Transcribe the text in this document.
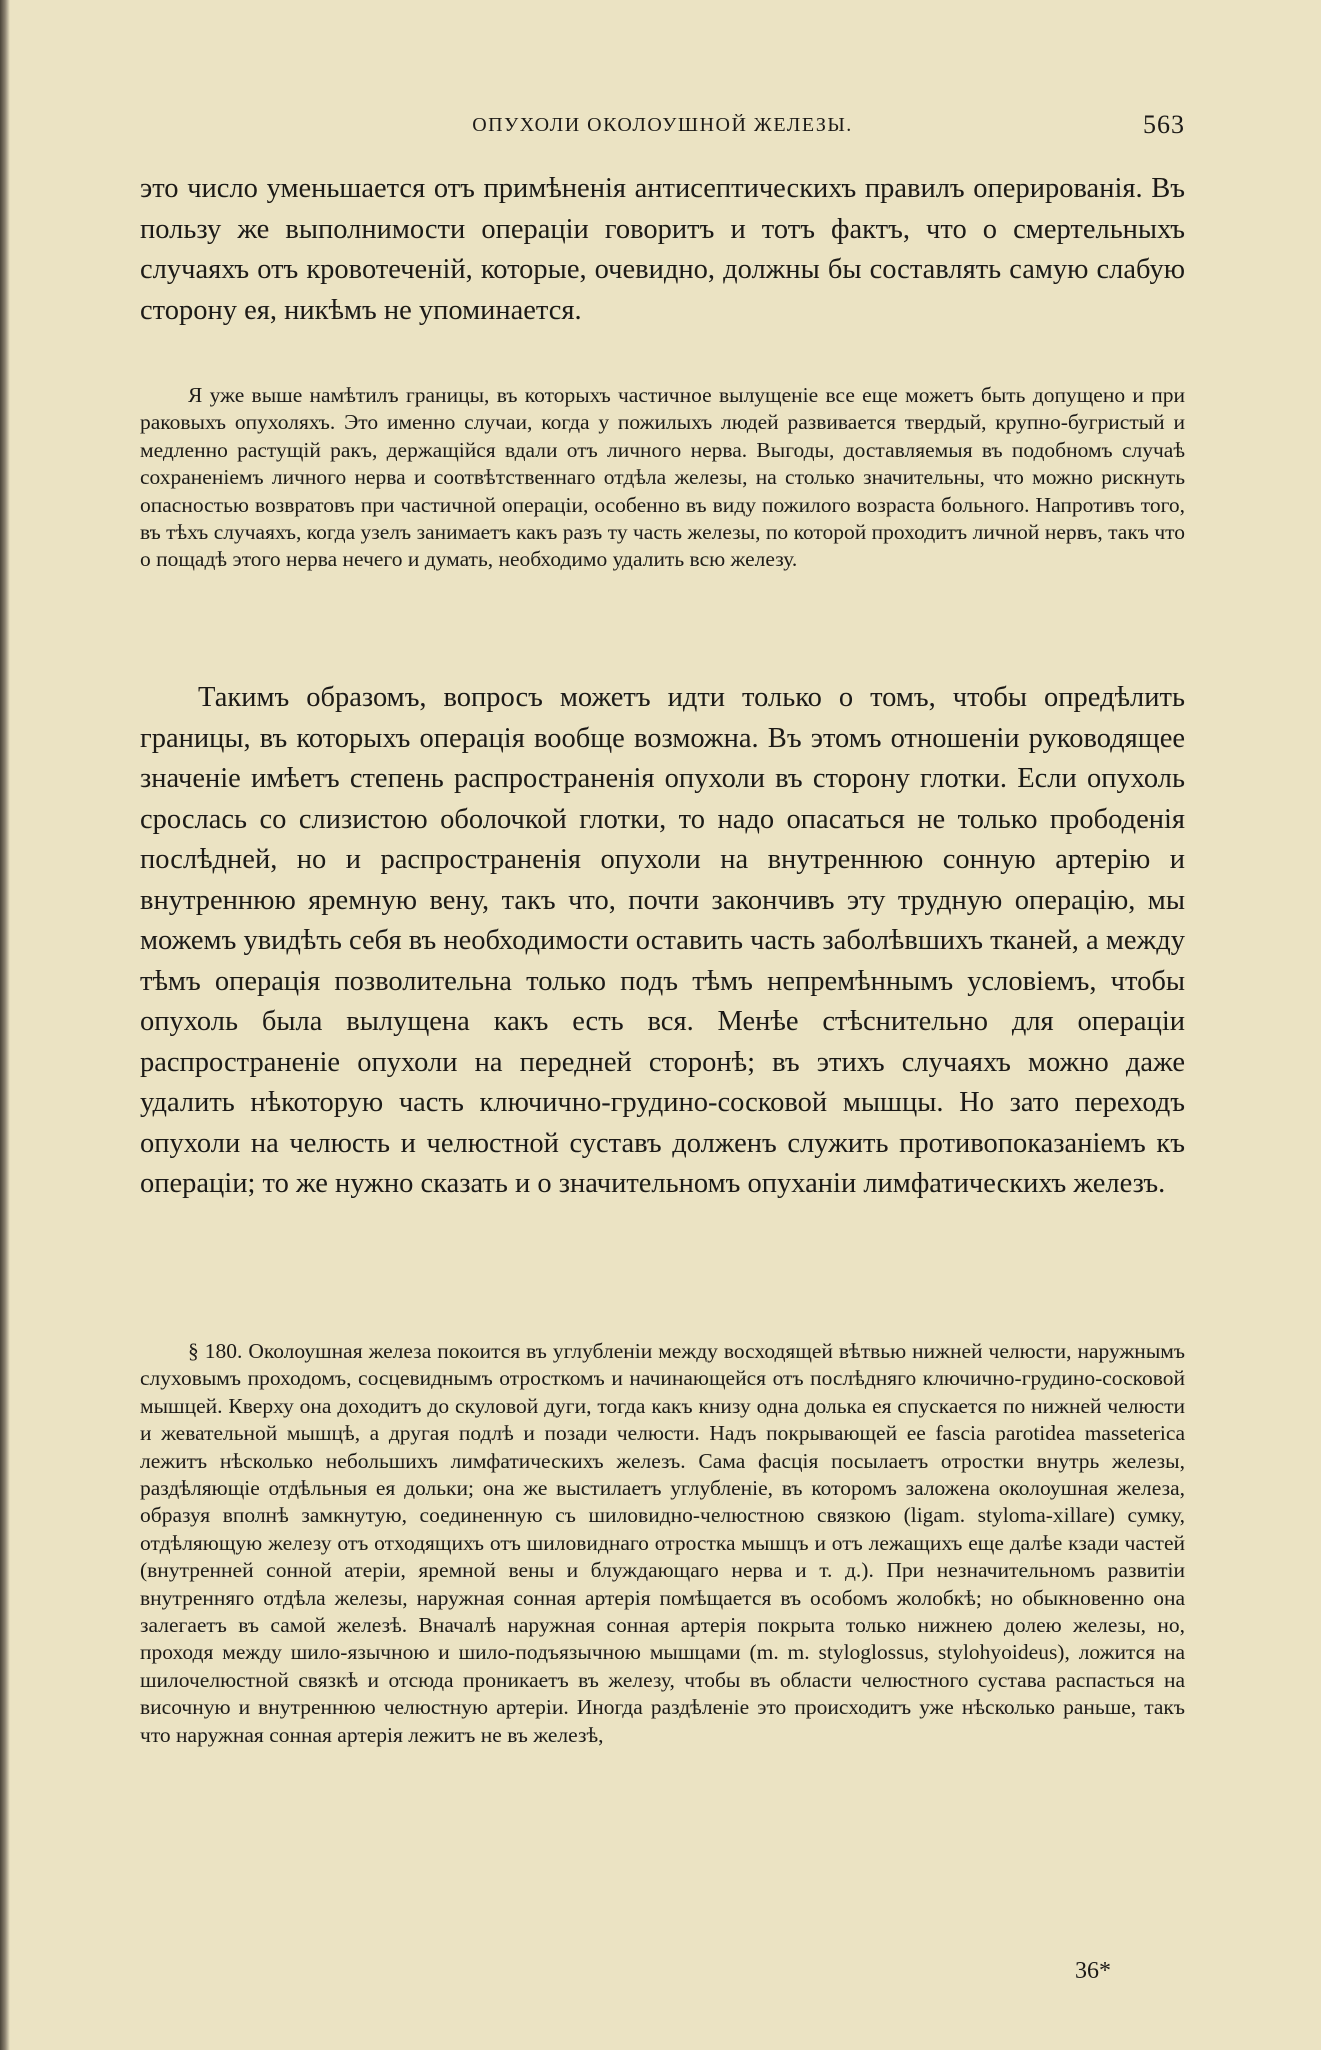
ОПУХОЛИ ОКОЛОУШНОЙ ЖЕЛЕЗЫ.	563

это число уменьшается отъ примѣненія антисептическихъ правилъ оперированія. Въ пользу же выполнимости операціи говоритъ и тотъ фактъ, что о смертельныхъ случаяхъ отъ кровотеченій, которые, очевидно, должны бы составлять самую слабую сторону ея, никѣмъ не упоминается.

Я уже выше намѣтилъ границы, въ которыхъ частичное вылущеніе все еще можетъ быть допущено и при раковыхъ опухоляхъ. Это именно случаи, когда у пожилыхъ людей развивается твердый, крупно-бугристый и медленно растущій ракъ, держащійся вдали отъ личного нерва. Выгоды, доставляемыя въ подобномъ случаѣ сохраненіемъ личного нерва и соотвѣтственнаго отдѣла железы, на столько значительны, что можно рискнуть опасностью возвратовъ при частичной операціи, особенно въ виду пожилого возраста больного. Напротивъ того, въ тѣхъ случаяхъ, когда узелъ занимаетъ какъ разъ ту часть железы, по которой проходитъ личной нервъ, такъ что о пощадѣ этого нерва нечего и думать, необходимо удалить всю железу.

Такимъ образомъ, вопросъ можетъ идти только о томъ, чтобы опредѣлить границы, въ которыхъ операція вообще возможна. Въ этомъ отношеніи руководящее значеніе имѣетъ степень распространенія опухоли въ сторону глотки. Если опухоль срослась со слизистою оболочкой глотки, то надо опасаться не только прободенія послѣдней, но и распространенія опухоли на внутреннюю сонную артерію и внутреннюю яремную вену, такъ что, почти закончивъ эту трудную операцію, мы можемъ увидѣть себя въ необходимости оставить часть заболѣвшихъ тканей, а между тѣмъ операція позволительна только подъ тѣмъ непремѣннымъ условіемъ, чтобы опухоль была вылущена какъ есть вся. Менѣе стѣснительно для операціи распространеніе опухоли на передней сторонѣ; въ этихъ случаяхъ можно даже удалить нѣкоторую часть ключично-грудино-сосковой мышцы. Но зато переходъ опухоли на челюсть и челюстной суставъ долженъ служить противопоказаніемъ къ операціи; то же нужно сказать и о значительномъ опуханіи лимфатическихъ железъ.

§ 180. Околоушная железа покоится въ углубленіи между восходящей вѣтвью нижней челюсти, наружнымъ слуховымъ проходомъ, сосцевиднымъ отросткомъ и начинающейся отъ послѣдняго ключично-грудино-сосковой мышцей. Кверху она доходитъ до скуловой дуги, тогда какъ книзу одна долька ея спускается по нижней челюсти и жевательной мышцѣ, а другая подлѣ и позади челюсти. Надъ покрывающей ее fascia parotidea masseterica лежитъ нѣсколько небольшихъ лимфатическихъ железъ. Сама фасція посылаетъ отростки внутрь железы, раздѣляющіе отдѣльныя ея дольки; она же выстилаетъ углубленіе, въ которомъ заложена околоушная железа, образуя вполнѣ замкнутую, соединенную съ шиловидно-челюстною связкою (ligam. styloma-xillare) сумку, отдѣляющую железу отъ отходящихъ отъ шиловиднаго отростка мышцъ и отъ лежащихъ еще далѣе кзади частей (внутренней сонной атеріи, яремной вены и блуждающаго нерва и т. д.). При незначительномъ развитіи внутренняго отдѣла железы, наружная сонная артерія помѣщается въ особомъ жолобкѣ; но обыкновенно она залегаетъ въ самой железѣ. Вначалѣ наружная сонная артерія покрыта только нижнею долею железы, но, проходя между шило-язычною и шило-подъязычною мышцами (m. m. styloglossus, stylohyoideus), ложится на шилочелюстной связкѣ и отсюда проникаетъ въ железу, чтобы въ области челюстного сустава распасться на височную и внутреннюю челюстную артеріи. Иногда раздѣленіе это происходитъ уже нѣсколько раньше, такъ что наружная сонная артерія лежитъ не въ железѣ,

36*
